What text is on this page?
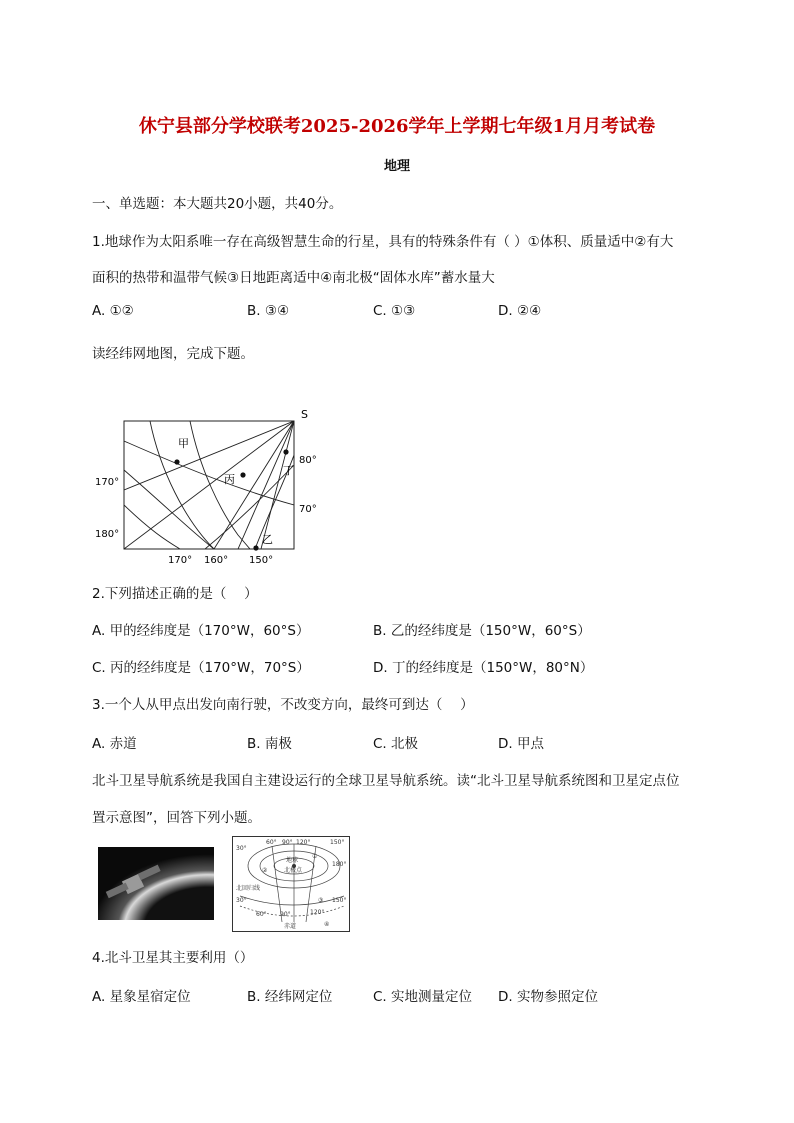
休宁县部分学校联考2025-2026学年上学期七年级1月月考试卷
地理
一、单选题：本大题共20小题，共40分。
1.地球作为太阳系唯一存在高级智慧生命的行星，具有的特殊条件有（ ）①体积、质量适中②有大
面积的热带和温带气候③日地距离适中④南北极“固体水库”蓄水量大
A. ①②	B. ③④	C. ①③	D. ②④
读经纬网地图，完成下题。
S
甲
丙
丁
乙
80°
70°
170°
180°
170° 160° 150°
2.下列描述正确的是（　 ）
A. 甲的经纬度是（170°W，60°S）	B. 乙的经纬度是（150°W，60°S）
C. 丙的经纬度是（170°W，70°S）	D. 丁的经纬度是（150°W，80°N）
3.一个人从甲点出发向南行驶，不改变方向，最终可到达（　 ）
A. 赤道	B. 南极	C. 北极	D. 甲点
北斗卫星导航系统是我国自主建设运行的全球卫星导航系统。读“北斗卫星导航系统图和卫星定点位
置示意图”，回答下列小题。
60° 90° 120°	150°
180°
30°
30°
60° 90°	120°
150°
①
②
③
④
地球
北极点
赤道
北回归线
4.北斗卫星其主要利用（）
A. 星象星宿定位	B. 经纬网定位	C. 实地测量定位 D. 实物参照定位
